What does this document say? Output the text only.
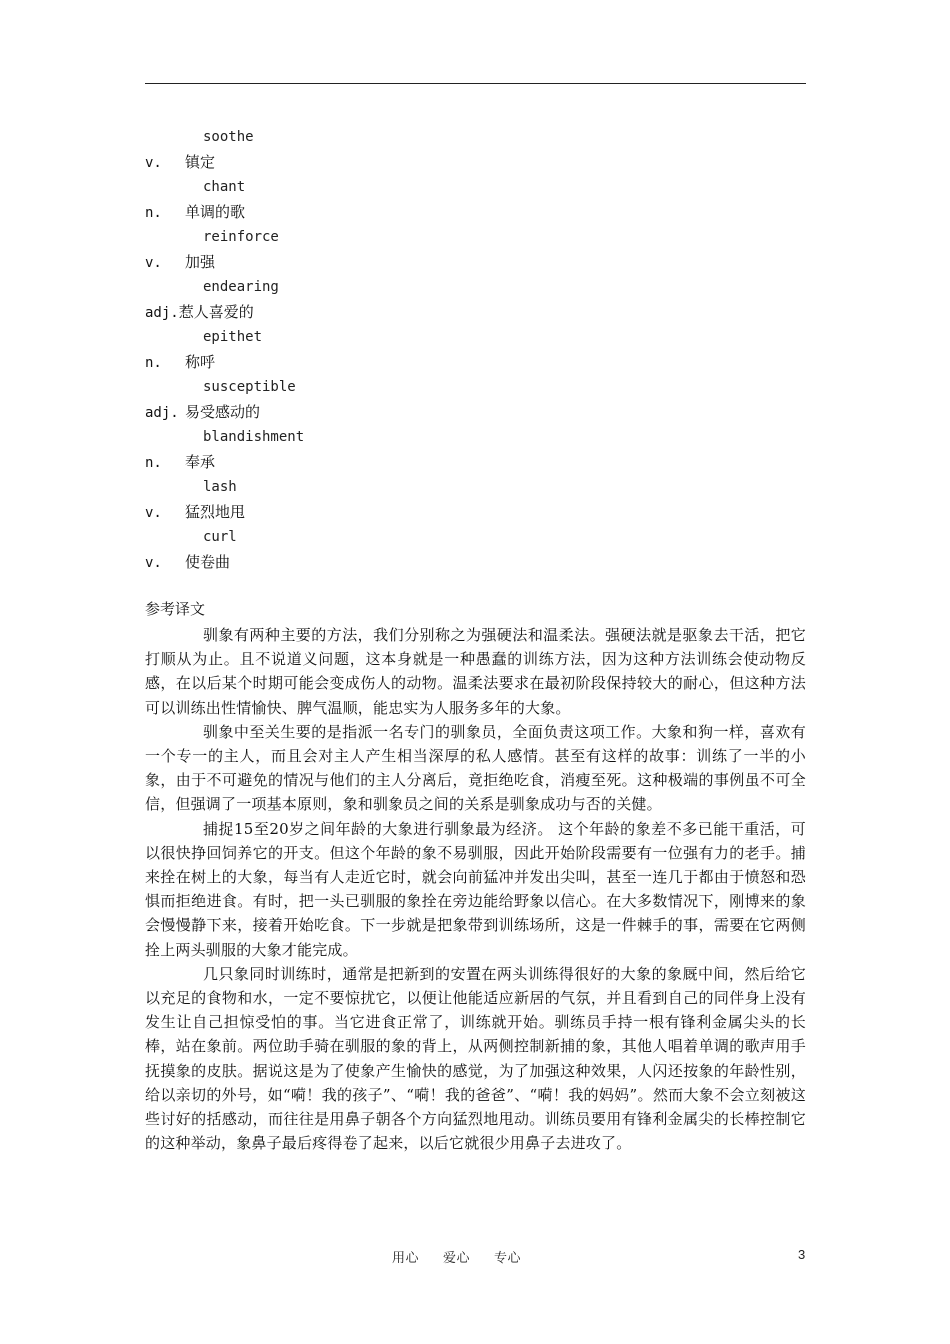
soothe
v. 镇定
chant
n. 单调的歌
reinforce
v. 加强
endearing
adj.惹人喜爱的
epithet
n. 称呼
susceptible
adj. 易受感动的
blandishment
n. 奉承
lash
v. 猛烈地甩
curl
v. 使卷曲
参考译文

驯象有两种主要的方法，我们分别称之为强硬法和温柔法。强硬法就是驱象去干活，把它打顺从为止。且不说道义问题，这本身就是一种愚蠢的训练方法，因为这种方法训练会使动物反感，在以后某个时期可能会变成伤人的动物。温柔法要求在最初阶段保持较大的耐心，但这种方法可以训练出性情愉快、脾气温顺，能忠实为人服务多年的大象。

驯象中至关生要的是指派一名专门的驯象员，全面负责这项工作。大象和狗一样，喜欢有一个专一的主人，而且会对主人产生相当深厚的私人感情。甚至有这样的故事：训练了一半的小象，由于不可避免的情况与他们的主人分离后，竟拒绝吃食，消瘦至死。这种极端的事例虽不可全信，但强调了一项基本原则，象和驯象员之间的关系是驯象成功与否的关健。

捕捉15至20岁之间年龄的大象进行驯象最为经济。 这个年龄的象差不多已能干重活，可以很快挣回饲养它的开支。但这个年龄的象不易驯服，因此开始阶段需要有一位强有力的老手。捕来拴在树上的大象，每当有人走近它时，就会向前猛冲并发出尖叫，甚至一连几于都由于愤怒和恐惧而拒绝进食。有时，把一头已驯服的象拴在旁边能给野象以信心。在大多数情况下，刚博来的象会慢慢静下来，接着开始吃食。下一步就是把象带到训练场所，这是一件棘手的事，需要在它两侧拴上两头驯服的大象才能完成。

几只象同时训练时，通常是把新到的安置在两头训练得很好的大象的象厩中间，然后给它以充足的食物和水，一定不要惊扰它，以便让他能适应新居的气氛，并且看到自己的同伴身上没有发生让自己担惊受怕的事。当它进食正常了，训练就开始。驯练员手持一根有锋利金属尖头的长棒，站在象前。两位助手骑在驯服的象的背上，从两侧控制新捕的象，其他人唱着单调的歌声用手抚摸象的皮肤。据说这是为了使象产生愉快的感觉，为了加强这种效果，人闪还按象的年龄性别，给以亲切的外号，如“嗬！我的孩子”、“嗬！我的爸爸”、“嗬！我的妈妈”。然而大象不会立刻被这些讨好的括感动，而往往是用鼻子朝各个方向猛烈地甩动。训练员要用有锋利金属尖的长棒控制它的这种举动，象鼻子最后疼得卷了起来，以后它就很少用鼻子去进攻了。

用心 爱心 专心	3
